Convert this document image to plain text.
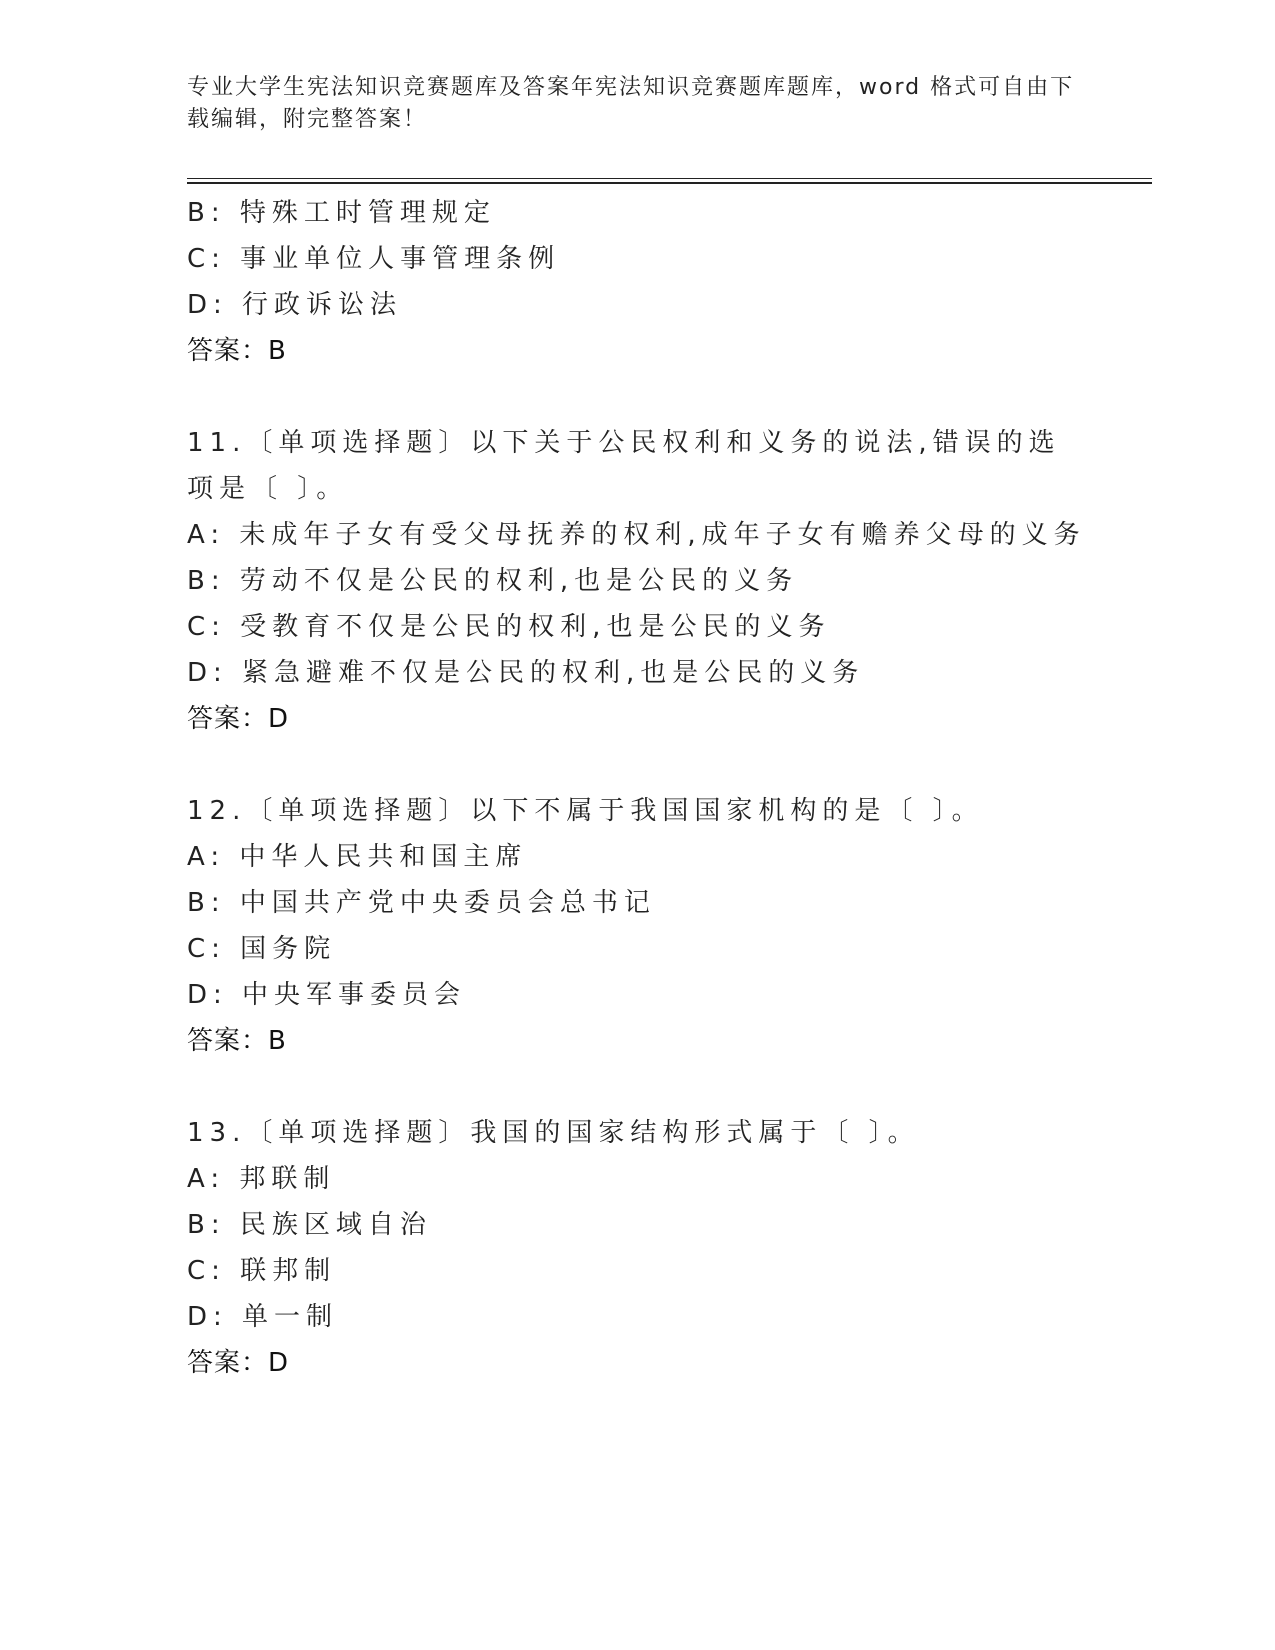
专业大学生宪法知识竞赛题库及答案年宪法知识竞赛题库题库，word 格式可自由下载编辑，附完整答案！
B: 特殊工时管理规定
C: 事业单位人事管理条例
D: 行政诉讼法
答案：B
11.〔单项选择题〕以下关于公民权利和义务的说法,错误的选项是〔 〕。
A: 未成年子女有受父母抚养的权利,成年子女有赡养父母的义务
B: 劳动不仅是公民的权利,也是公民的义务
C: 受教育不仅是公民的权利,也是公民的义务
D: 紧急避难不仅是公民的权利,也是公民的义务
答案：D
12.〔单项选择题〕以下不属于我国国家机构的是〔 〕。
A: 中华人民共和国主席
B: 中国共产党中央委员会总书记
C: 国务院
D: 中央军事委员会
答案：B
13.〔单项选择题〕我国的国家结构形式属于〔 〕。
A: 邦联制
B: 民族区域自治
C: 联邦制
D: 单一制
答案：D
